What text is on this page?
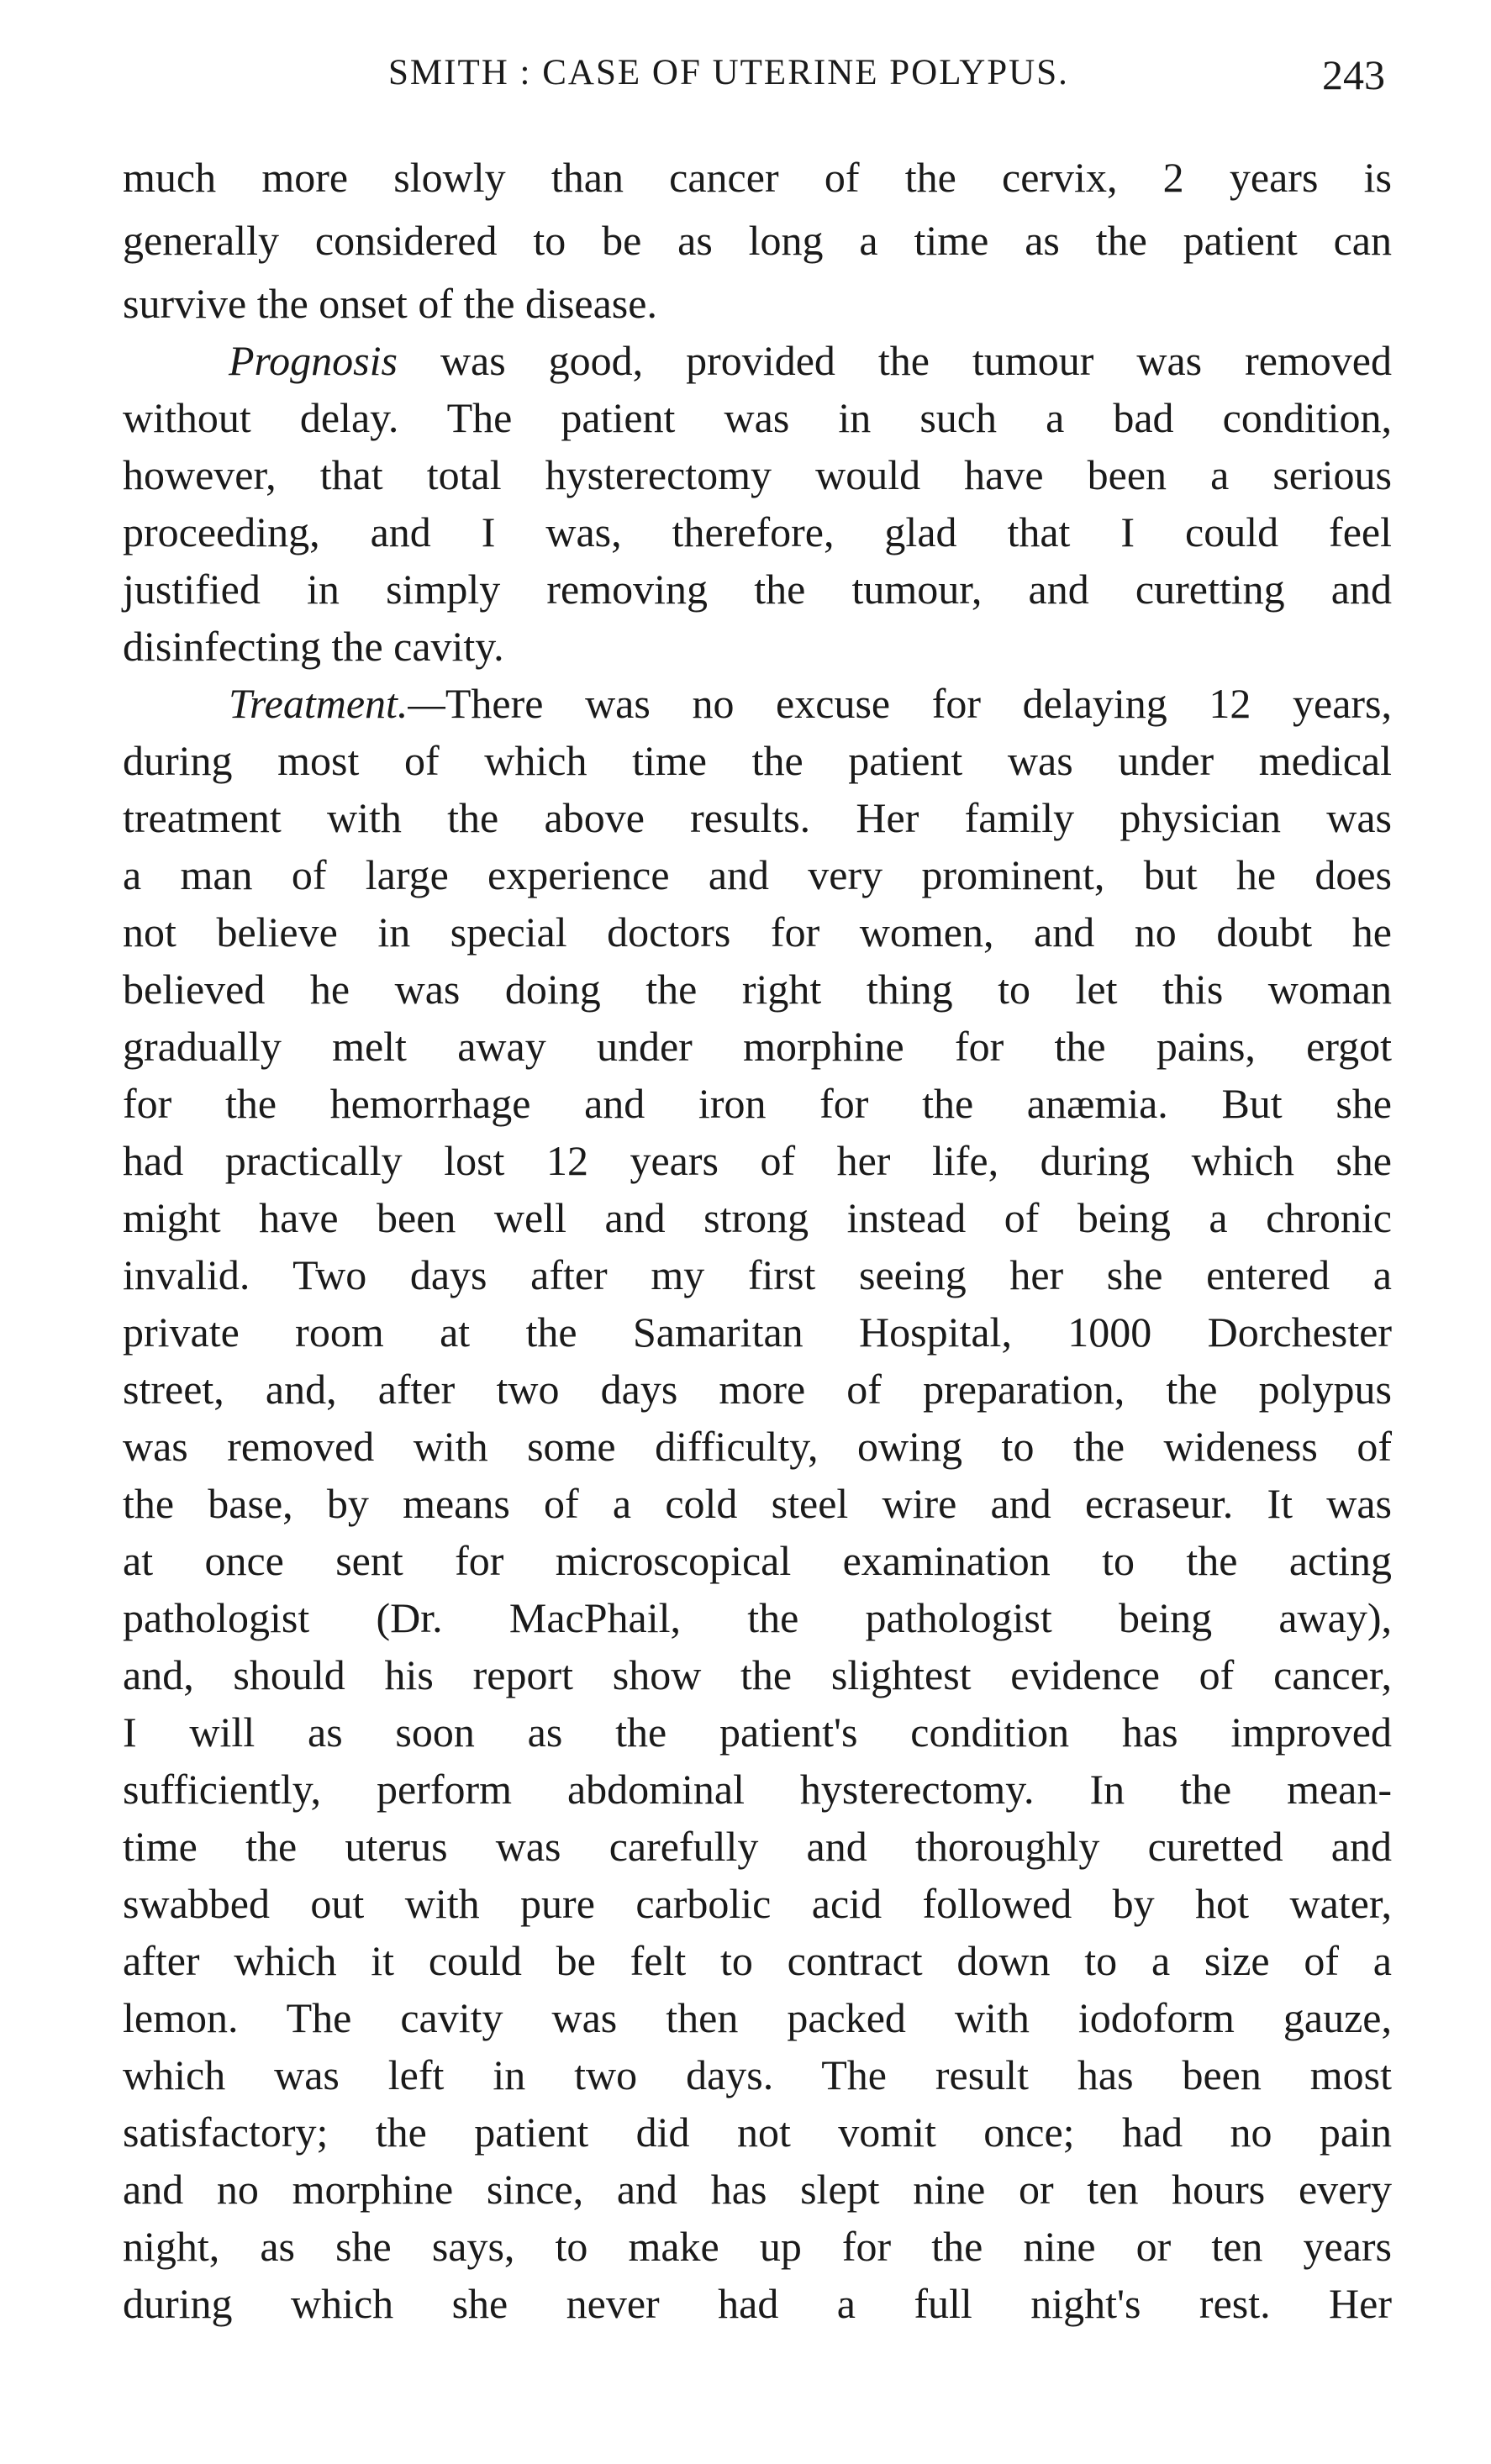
SMITH : CASE OF UTERINE POLYPUS.	243
much more slowly than cancer of the cervix, 2 years is
generally considered to be as long a time as the patient can
survive the onset of the disease.
Prognosis was good, provided the tumour was removed
without delay. The patient was in such a bad condition,
however, that total hysterectomy would have been a serious
proceeding, and I was, therefore, glad that I could feel
justified in simply removing the tumour, and curetting and
disinfecting the cavity.
Treatment.—There was no excuse for delaying 12 years,
during most of which time the patient was under medical
treatment with the above results. Her family physician was
a man of large experience and very prominent, but he does
not believe in special doctors for women, and no doubt he
believed he was doing the right thing to let this woman
gradually melt away under morphine for the pains, ergot
for the hemorrhage and iron for the anæmia. But she
had practically lost 12 years of her life, during which she
might have been well and strong instead of being a chronic
invalid. Two days after my first seeing her she entered a
private room at the Samaritan Hospital, 1000 Dorchester
street, and, after two days more of preparation, the polypus
was removed with some difficulty, owing to the wideness of
the base, by means of a cold steel wire and ecraseur. It was
at once sent for microscopical examination to the acting
pathologist (Dr. MacPhail, the pathologist being away),
and, should his report show the slightest evidence of cancer,
I will as soon as the patient's condition has improved
sufficiently, perform abdominal hysterectomy. In the mean-
time the uterus was carefully and thoroughly curetted and
swabbed out with pure carbolic acid followed by hot water,
after which it could be felt to contract down to a size of a
lemon. The cavity was then packed with iodoform gauze,
which was left in two days. The result has been most
satisfactory; the patient did not vomit once; had no pain
and no morphine since, and has slept nine or ten hours every
night, as she says, to make up for the nine or ten years
during which she never had a full night's rest. Her
